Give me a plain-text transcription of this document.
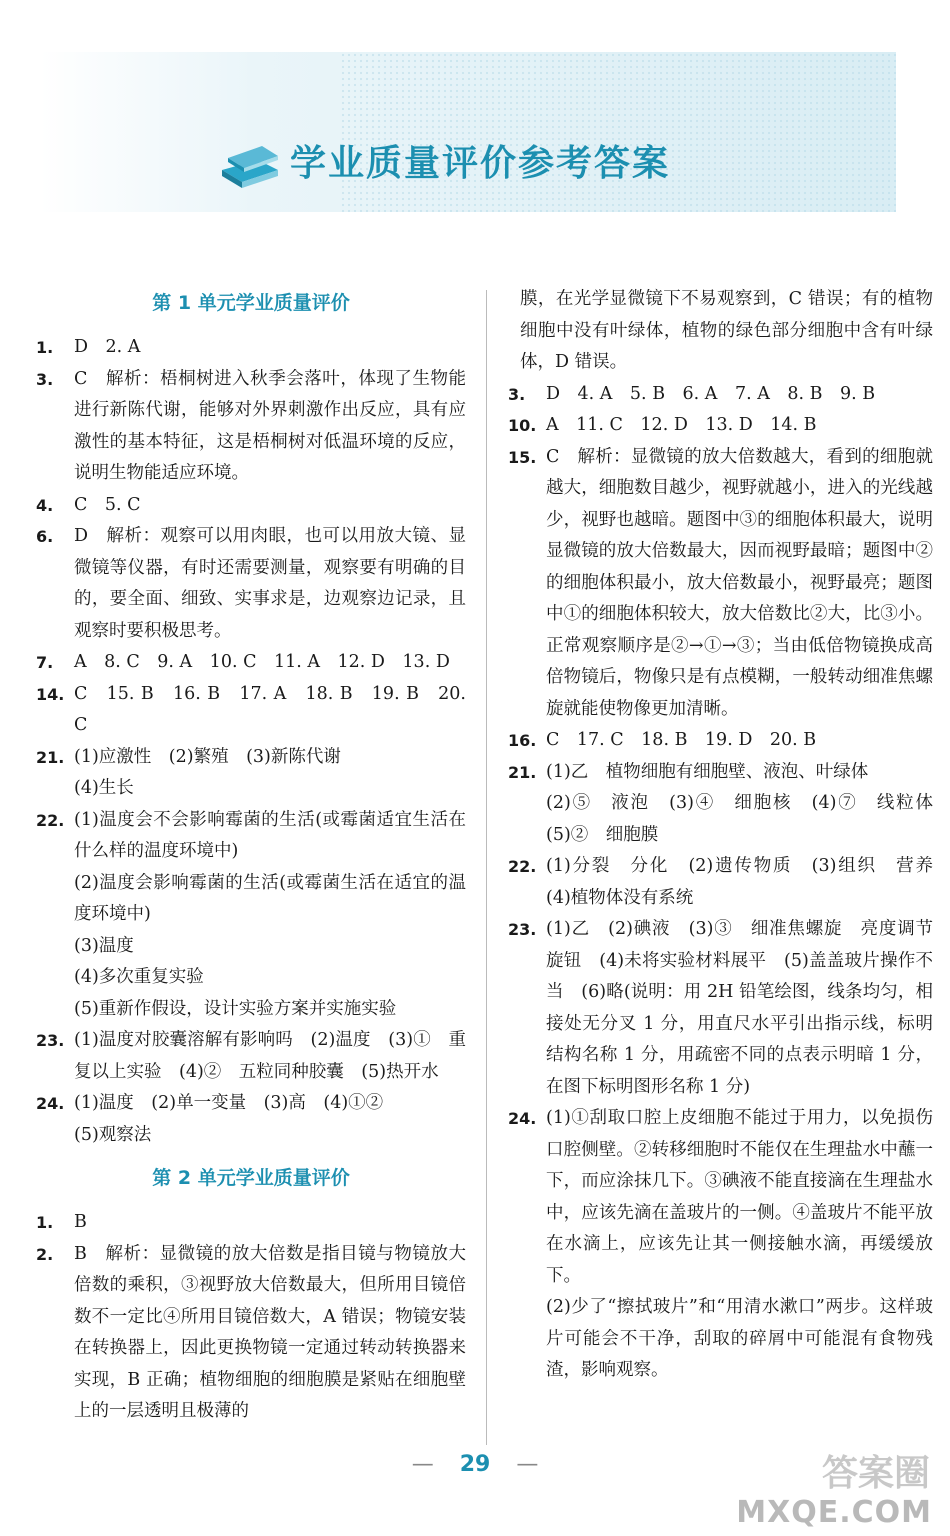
学业质量评价参考答案
第 1 单元学业质量评价
1. D　2. A
3. C　解析：梧桐树进入秋季会落叶，体现了生物能进行新陈代谢，能够对外界刺激作出反应，具有应激性的基本特征，这是梧桐树对低温环境的反应，说明生物能适应环境。
4. C　5. C
6. D　解析：观察可以用肉眼，也可以用放大镜、显微镜等仪器，有时还需要测量，观察要有明确的目的，要全面、细致、实事求是，边观察边记录，且观察时要积极思考。
7. A　8. C　9. A　10. C　11. A　12. D　13. D
14. C　15. B　16. B　17. A　18. B　19. B　20. C
21. (1)应激性　(2)繁殖　(3)新陈代谢
(4)生长
22. (1)温度会不会影响霉菌的生活(或霉菌适宜生活在什么样的温度环境中)
(2)温度会影响霉菌的生活(或霉菌生活在适宜的温度环境中)
(3)温度
(4)多次重复实验
(5)重新作假设，设计实验方案并实施实验
23. (1)温度对胶囊溶解有影响吗　(2)温度　(3)①　重复以上实验　(4)②　五粒同种胶囊　(5)热开水
24. (1)温度　(2)单一变量　(3)高　(4)①②
(5)观察法
第 2 单元学业质量评价
1. B
2. B　解析：显微镜的放大倍数是指目镜与物镜放大倍数的乘积，③视野放大倍数最大，但所用目镜倍数不一定比④所用目镜倍数大，A 错误；物镜安装在转换器上，因此更换物镜一定通过转动转换器来实现，B 正确；植物细胞的细胞膜是紧贴在细胞壁上的一层透明且极薄的
膜，在光学显微镜下不易观察到，C 错误；有的植物细胞中没有叶绿体，植物的绿色部分细胞中含有叶绿体，D 错误。
3. D　4. A　5. B　6. A　7. A　8. B　9. B
10. A　11. C　12. D　13. D　14. B
15. C　解析：显微镜的放大倍数越大，看到的细胞就越大，细胞数目越少，视野就越小，进入的光线越少，视野也越暗。题图中③的细胞体积最大，说明显微镜的放大倍数最大，因而视野最暗；题图中②的细胞体积最小，放大倍数最小，视野最亮；题图中①的细胞体积较大，放大倍数比②大，比③小。正常观察顺序是②→①→③；当由低倍物镜换成高倍物镜后，物像只是有点模糊，一般转动细准焦螺旋就能使物像更加清晰。
16. C　17. C　18. B　19. D　20. B
21. (1)乙　植物细胞有细胞壁、液泡、叶绿体
(2)⑤　液泡　(3)④　细胞核　(4)⑦　线粒体　(5)②　细胞膜
22. (1)分裂　分化　(2)遗传物质　(3)组织　营养　(4)植物体没有系统
23. (1)乙　(2)碘液　(3)③　细准焦螺旋　亮度调节旋钮　(4)未将实验材料展平　(5)盖盖玻片操作不当　(6)略(说明：用 2H 铅笔绘图，线条均匀，相接处无分叉 1 分，用直尺水平引出指示线，标明结构名称 1 分，用疏密不同的点表示明暗 1 分，在图下标明图形名称 1 分)
24. (1)①刮取口腔上皮细胞不能过于用力，以免损伤口腔侧壁。②转移细胞时不能仅在生理盐水中蘸一下，而应涂抹几下。③碘液不能直接滴在生理盐水中，应该先滴在盖玻片的一侧。④盖玻片不能平放在水滴上，应该先让其一侧接触水滴，再缓缓放下。
(2)少了“擦拭玻片”和“用清水漱口”两步。这样玻片可能会不干净，刮取的碎屑中可能混有食物残渣，影响观察。
— 29 —	答案圈
MXQE.COM
